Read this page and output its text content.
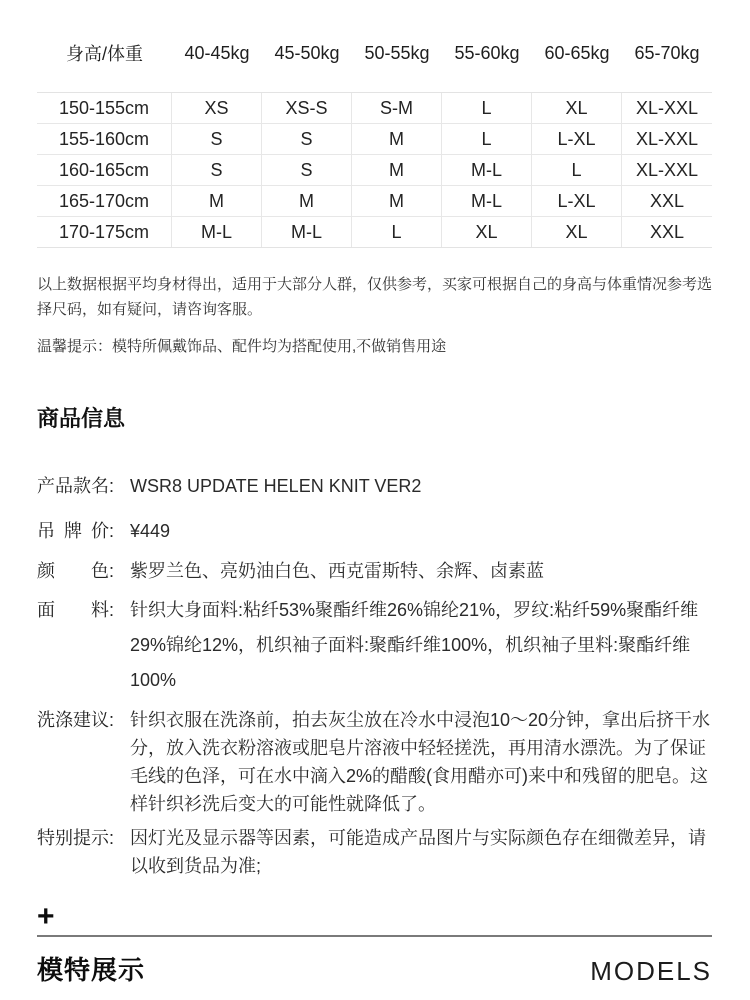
身高/体重	40-45kg	45-50kg	50-55kg	55-60kg	60-65kg	65-70kg
150-155cm	XS	XS-S	S-M	L	XL	XL-XXL
155-160cm	S	S	M	L	L-XL	XL-XXL
160-165cm	S	S	M	M-L	L	XL-XXL
165-170cm	M	M	M	M-L	L-XL	XXL
170-175cm	M-L	M-L	L	XL	XL	XXL

以上数据根据平均身材得出，适用于大部分人群，仅供参考，买家可根据自己的身高与体重情况参考选择尺码，如有疑问，请咨询客服。

温馨提示：模特所佩戴饰品、配件均为搭配使用,不做销售用途

商品信息
产品款名: WSR8 UPDATE HELEN KNIT VER2
吊 牌 价: ¥449
颜  色: 紫罗兰色、亮奶油白色、西克雷斯特、余辉、卤素蓝
面  料: 针织大身面料:粘纤53%聚酯纤维26%锦纶21%，罗纹:粘纤59%聚酯纤维29%锦纶12%，机织袖子面料:聚酯纤维100%，机织袖子里料:聚酯纤维100%
洗涤建议: 针织衣服在洗涤前，拍去灰尘放在冷水中浸泡10～20分钟，拿出后挤干水分，放入洗衣粉溶液或肥皂片溶液中轻轻搓洗，再用清水漂洗。为了保证毛线的色泽，可在水中滴入2%的醋酸(食用醋亦可)来中和残留的肥皂。这样针织衫洗后变大的可能性就降低了。
特别提示: 因灯光及显示器等因素，可能造成产品图片与实际颜色存在细微差异，请以收到货品为准;
+
模特展示	MODELS
